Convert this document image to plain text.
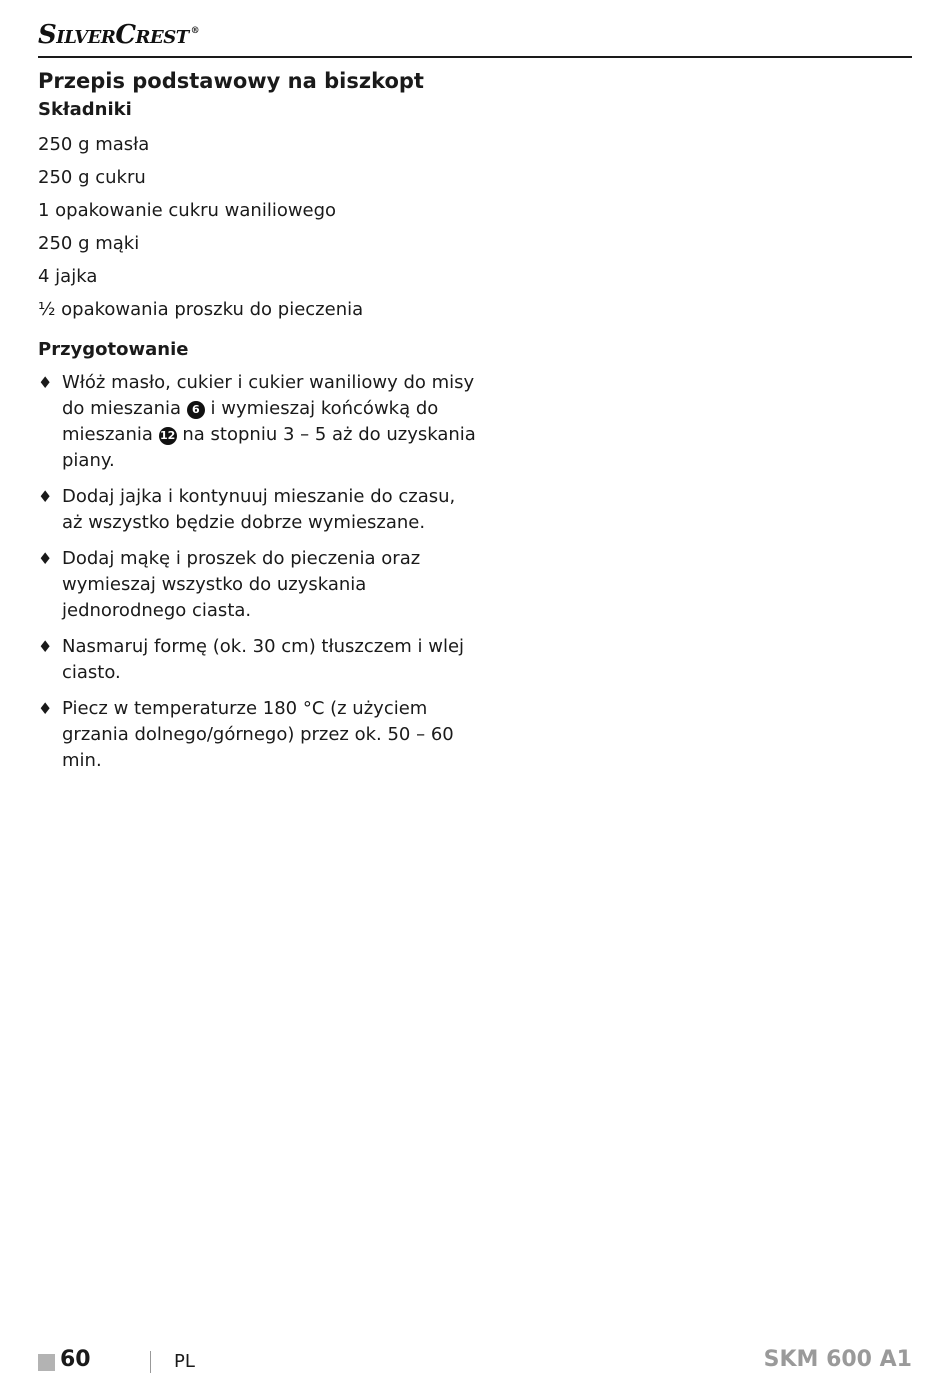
SilverCrest ®
Przepis podstawowy na biszkopt
Składniki
250 g masła
250 g cukru
1 opakowanie cukru waniliowego
250 g mąki
4 jajka
½ opakowania proszku do pieczenia
Przygotowanie
♦ Włóż masło, cukier i cukier waniliowy do misy do mieszania 6 i wymieszaj końcówką do mieszania 12 na stopniu 3 – 5 aż do uzyskania piany.
♦ Dodaj jajka i kontynuuj mieszanie do czasu, aż wszystko będzie dobrze wymieszane.
♦ Dodaj mąkę i proszek do pieczenia oraz wymieszaj wszystko do uzyskania jednorodnego ciasta.
♦ Nasmaruj formę (ok. 30 cm) tłuszczem i wlej ciasto.
♦ Piecz w temperaturze 180 °C (z użyciem grzania dolnego/górnego) przez ok. 50 – 60 min.
60	PL	SKM 600 A1
